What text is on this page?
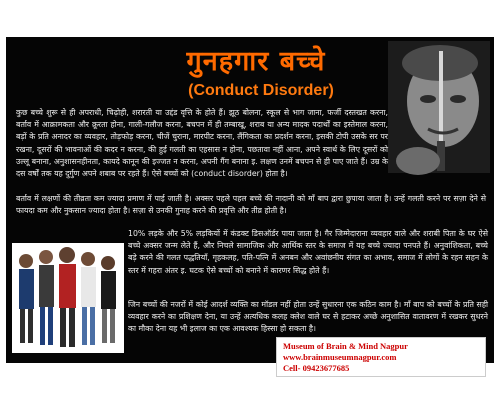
गुनहगार बच्चे
(Conduct Disorder)
कुछ बच्चे शुरू से ही अपराधी, चिढ़ोही, शरारती या उद्दंड वृत्ति के होते हैं। झूठ बोलना, स्कूल से भाग जाना, फर्जी दस्तखत करना, बर्ताव में आक्रामकता और क्रूरता होना, गाली-गलौज करना, बचपन में ही तम्बाखू, शराब या अन्य मादक पदार्थों का इस्तेमाल करना, बड़ों के प्रति अनादर का व्यवहार, तोड़फोड़ करना, चीजें चुराना, मारपीट करना, लैंगिकता का प्रदर्शन करना, इसकी टोपी उसके सर पर रखना, दूसरों की भावनाओं की कदर न करना, की हुई गलती का एहसास न होना, पछतावा नहीं आना, अपने स्वार्थ के लिए दूसरों को उल्लू बनाना, अनुशासनहीनता, कायदे कानून की इज्जत न करना, अपनी गैंग बनाना इ. लक्षण उनमें बचपन से ही पाए जाते हैं। उम्र के दस वर्षों तक यह दुर्गुण अपने शबाब पर रहते हैं। ऐसे बच्चों को (conduct disorder) होता है।
बर्ताव में लक्षणों की तीव्रता कम ज्यादा प्रमाण में पाई जाती है। अक्सर पहले पहल बच्चे की नादानी को माँ बाप द्वारा छुपाया जाता है। उन्हें गलती करने पर सज़ा देने से फायदा कम और नुकसान ज्यादा होता है। सज़ा से उनकी गुनाह करने की प्रवृत्ति और तीव्र होती है।
10% लड़के और 5% लड़कियों में कंडक्ट डिसऑर्डर पाया जाता है। गैर जिम्मेदाराना व्यवहार वाले और शराबी पिता के घर ऐसे बच्चे अक्सर जन्म लेते हैं, और निचले सामाजिक और आर्थिक स्तर के समाज में यह बच्चे ज्यादा पनपते हैं। अनुवांशिकता, बच्चे बड़े करने की गलत पद्धतियाँ, गृहकलह, पति-पत्नि में अनबन और अवांछनीय संगत का अभाव, समाज में लोगों के रहन सहन के स्तर में गहरा अंतर इ. घटक ऐसे बच्चों को बनाने में कारणर सिद्ध होते हैं।
जिन बच्चों की नजरों में कोई आदर्श व्यक्ति का मॉडल नहीं होता उन्हें सुधारना एक कठिन काम है। माँ बाप को बच्चों के प्रति सही व्यवहार करने का प्रशिक्षण देना, या उन्हें अत्यधिक कलह क्लेश वाले घर से हटाकर अच्छे अनुशासित वातावरण में रखकर सुधरने का मौका देना यह भी इलाज का एक आवश्यक हिस्सा हो सकता है।
Museum of Brain & Mind Nagpur
www.brainmuseumnagpur.com
Cell- 09423677685
